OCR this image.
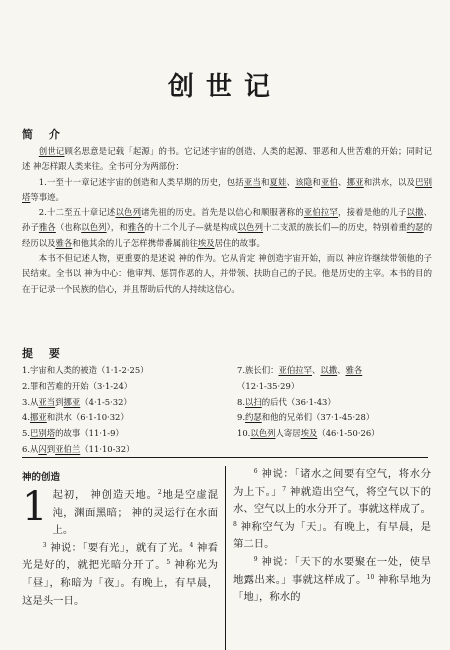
创世记
简 介

创世记顾名思意是记载「起源」的书。它记述宇宙的创造、人类的起源、罪恶和人世苦难的开始；同时记述 神怎样跟人类来往。全书可分为两部份：

1.一至十一章记述宇宙的创造和人类早期的历史，包括亚当和夏娃、该隐和亚伯、挪亚和洪水，以及巴别塔等事迹。

2.十二至五十章记述以色列诸先祖的历史。首先是以信心和顺服著称的亚伯拉罕，接着是他的儿子以撒、孙子雅各（也称以色列），和雅各的十二个儿子—就是构成以色列十二支派的族长们—的历史，特别着重约瑟的经历以及雅各和他其余的儿子怎样携带番属前往埃及居住的故事。

本书不但记述人物，更重要的是述说 神的作为。它从肯定 神创造宇宙开始，而以 神应许继续带领他的子民结束。全书以 神为中心：他审判、惩罚作恶的人，并带领、扶助自己的子民。他是历史的主宰。本书的目的在于记录一个民族的信心，并且帮助后代的人持续这信心。

提 要
1.宇宙和人类的被造（1·1-2·25）
2.罪和苦难的开始（3·1-24）
3.从亚当到挪亚（4·1-5·32）
4.挪亚和洪水（6·1-10·32）
5.巴别塔的故事（11·1-9）
6.从闪到亚伯兰（11·10-32）
7.族长们：亚伯拉罕、以撒、雅各
（12·1-35·29）
8.以扫的后代（36·1-43）
9.约瑟和他的兄弟们（37·1-45·28）
10.以色列人寄居埃及（46·1-50·26）
神的创造
1 起初， 神创造天地。$^2$地是空虚混沌，渊面黑暗； 神的灵运行在水面上。

$^3$ 神说：「要有光」，就有了光。$^4$ 神看光是好的，就把光暗分开了。$^5$ 神称光为「昼」，称暗为「夜」。有晚上，有早晨，这是头一日。

$^6$ 神说：「诸水之间要有空气，将水分为上下。」$^7$ 神就造出空气，将空气以下的水、空气以上的水分开了。事就这样成了。$^8$ 神称空气为「天」。有晚上，有早晨，是第二日。

$^9$ 神说：「天下的水要聚在一处，使旱地露出来。」事就这样成了。$^{10}$ 神称旱地为「地」，称水的
